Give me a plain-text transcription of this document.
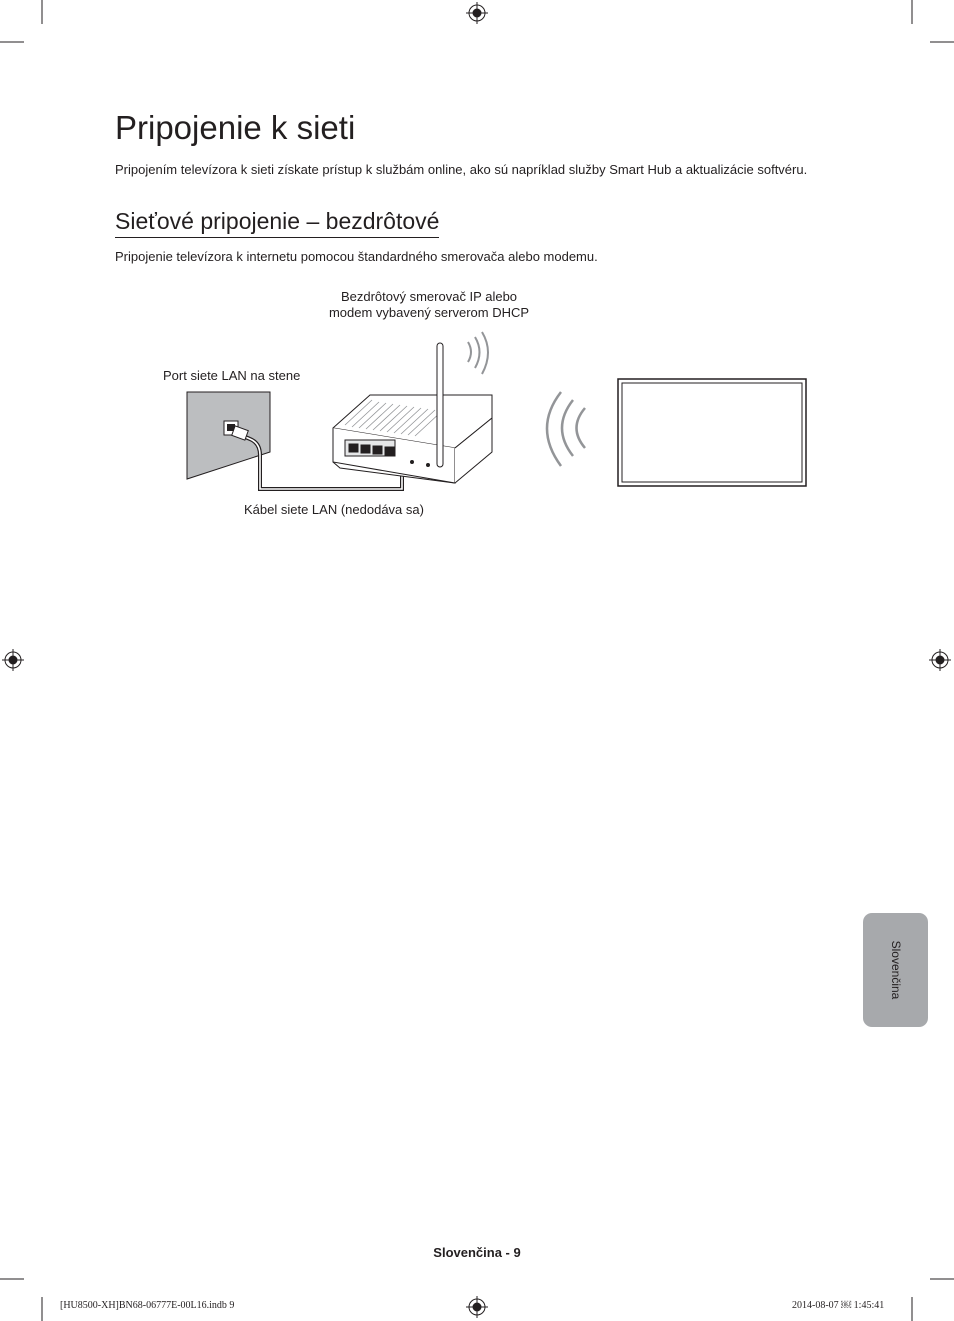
Pripojenie k sieti
Pripojením televízora k sieti získate prístup k službám online, ako sú napríklad služby Smart Hub a aktualizácie softvéru.
Sieťové pripojenie – bezdrôtové
Pripojenie televízora k internetu pomocou štandardného smerovača alebo modemu.
Bezdrôtový smerovač IP alebo
modem vybavený serverom DHCP
Port siete LAN na stene
Kábel siete LAN (nedodáva sa)
Slovenčina
Slovenčina - 9
[HU8500-XH]BN68-06777E-00L16.indb 9	2014-08-07 ￼ 1:45:41
